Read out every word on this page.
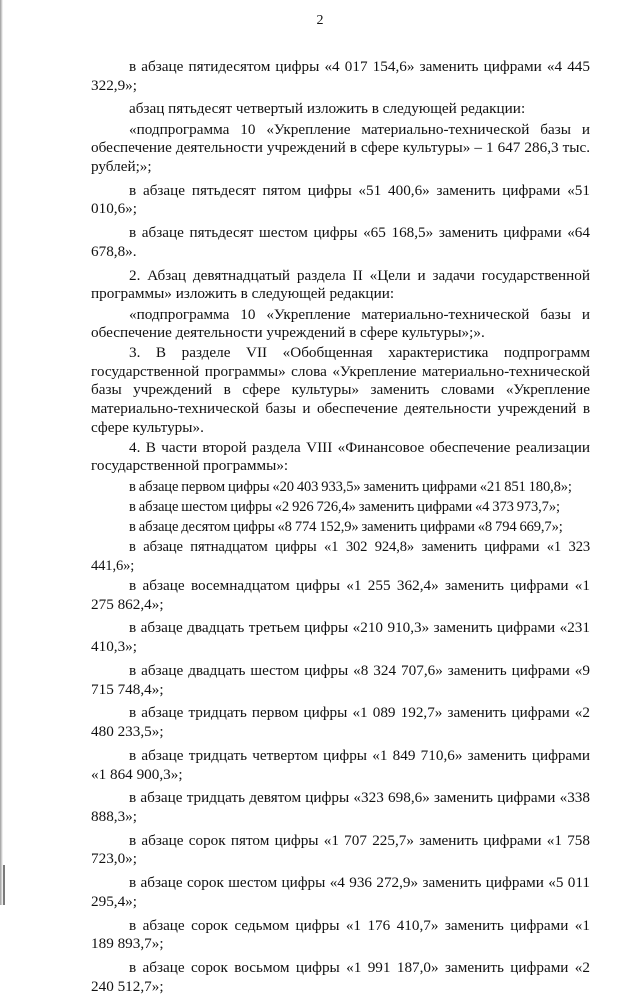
2

в абзаце пятидесятом цифры «4 017 154,6» заменить цифрами «4 445 322,9»;

абзац пятьдесят четвертый изложить в следующей редакции:

«подпрограмма 10 «Укрепление материально-технической базы и обеспечение деятельности учреждений в сфере культуры» – 1 647 286,3 тыс. рублей;»;

в абзаце пятьдесят пятом цифры «51 400,6» заменить цифрами «51 010,6»;

в абзаце пятьдесят шестом цифры «65 168,5» заменить цифрами «64 678,8».

2. Абзац девятнадцатый раздела II «Цели и задачи государственной программы» изложить в следующей редакции:

«подпрограмма 10 «Укрепление материально-технической базы и обеспечение деятельности учреждений в сфере культуры»;».

3. В разделе VII «Обобщенная характеристика подпрограмм государственной программы» слова «Укрепление материально-технической базы учреждений в сфере культуры» заменить словами «Укрепление материально-технической базы и обеспечение деятельности учреждений в сфере культуры».

4. В части второй раздела VIII «Финансовое обеспечение реализации государственной программы»:

в абзаце первом цифры «20 403 933,5» заменить цифрами «21 851 180,8»;

в абзаце шестом цифры «2 926 726,4» заменить цифрами «4 373 973,7»;

в абзаце десятом цифры «8 774 152,9» заменить цифрами «8 794 669,7»;

в абзаце пятнадцатом цифры «1 302 924,8» заменить цифрами «1 323 441,6»;

в абзаце восемнадцатом цифры «1 255 362,4» заменить цифрами «1 275 862,4»;

в абзаце двадцать третьем цифры «210 910,3» заменить цифрами «231 410,3»;

в абзаце двадцать шестом цифры «8 324 707,6» заменить цифрами «9 715 748,4»;

в абзаце тридцать первом цифры «1 089 192,7» заменить цифрами «2 480 233,5»;

в абзаце тридцать четвертом цифры «1 849 710,6» заменить цифрами «1 864 900,3»;

в абзаце тридцать девятом цифры «323 698,6» заменить цифрами «338 888,3»;

в абзаце сорок пятом цифры «1 707 225,7» заменить цифрами «1 758 723,0»;

в абзаце сорок шестом цифры «4 936 272,9» заменить цифрами «5 011 295,4»;

в абзаце сорок седьмом цифры «1 176 410,7» заменить цифрами «1 189 893,7»;

в абзаце сорок восьмом цифры «1 991 187,0» заменить цифрами «2 240 512,7»;
